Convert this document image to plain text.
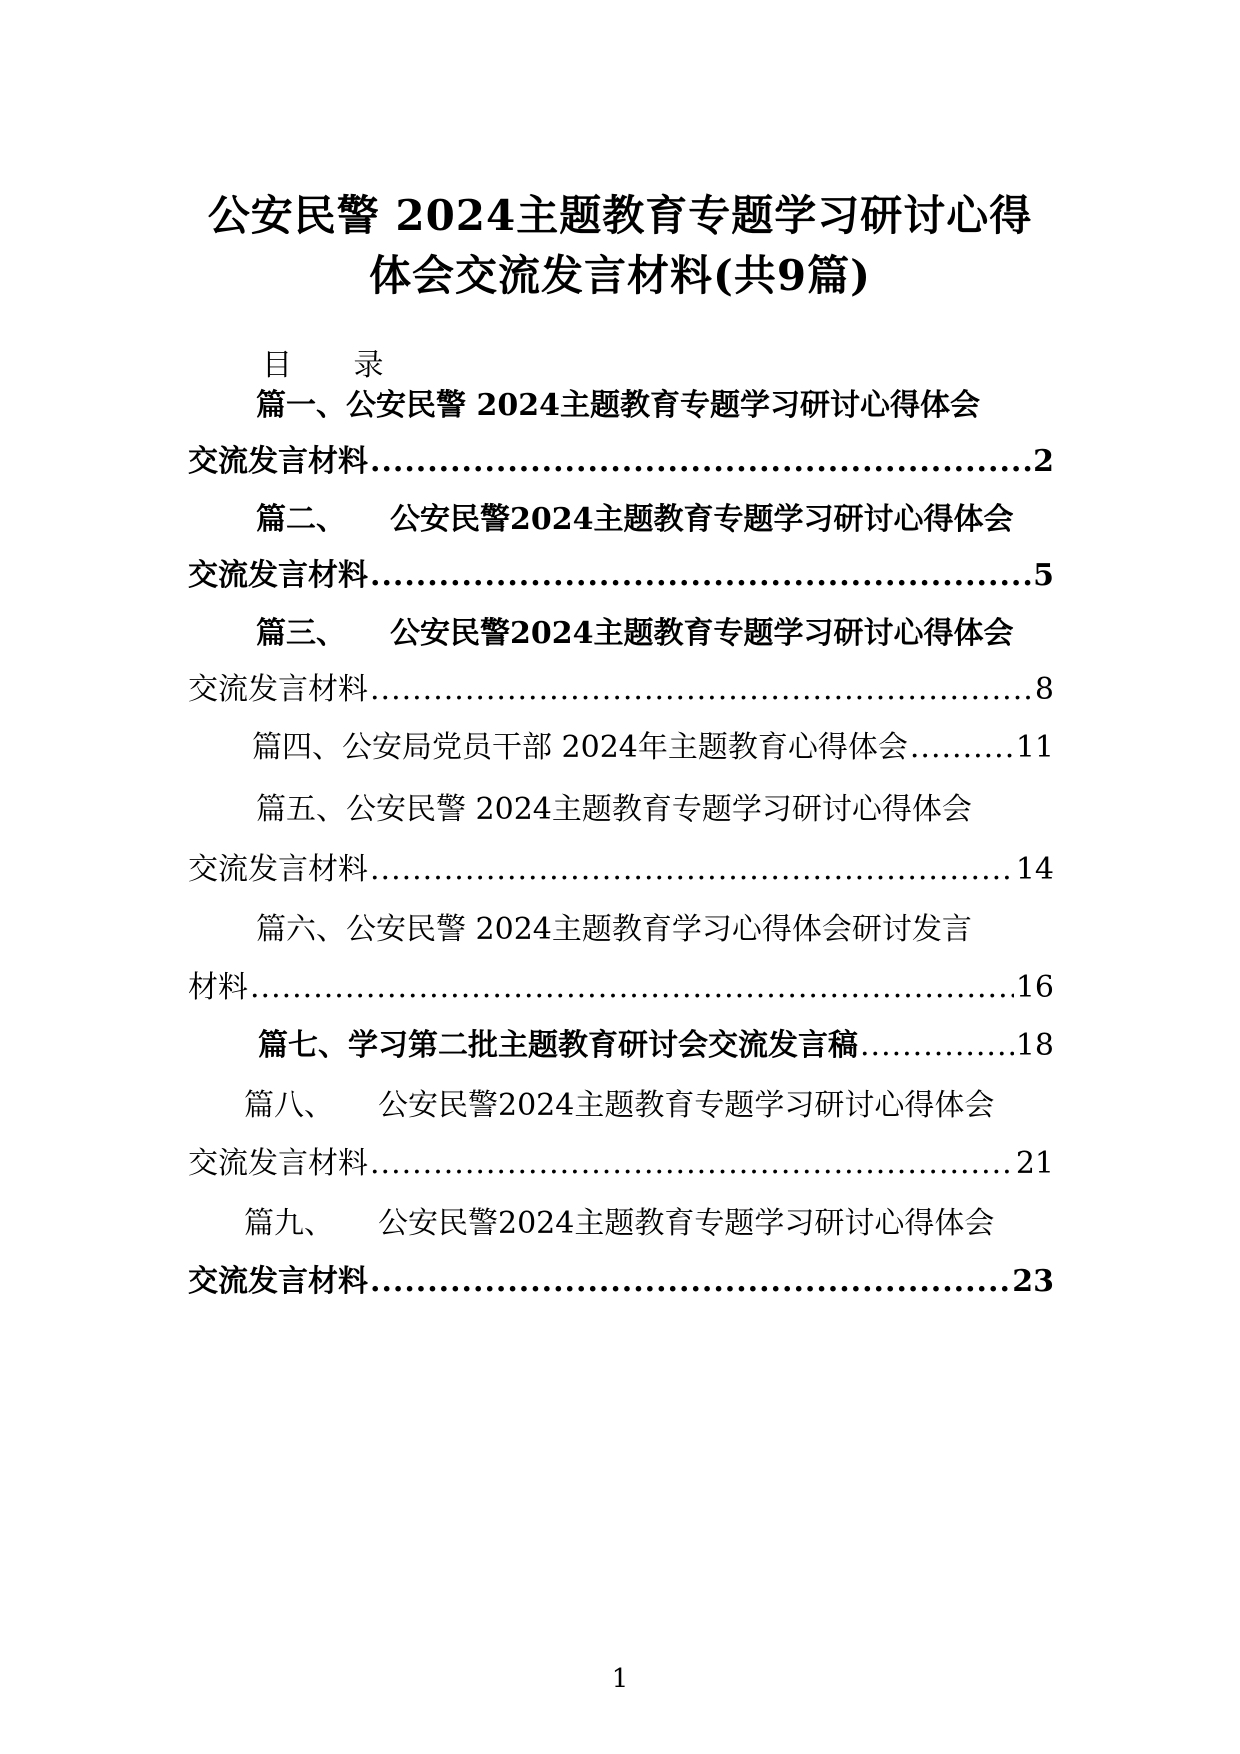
公安民警 2024主题教育专题学习研讨心得
体会交流发言材料(共9篇)
目 录
篇一、公安民警 2024主题教育专题学习研讨心得体会
交流发言材料 .....	2
篇二、 公安民警2024主题教育专题学习研讨心得体会
交流发言材料 .....	5
篇三、 公安民警2024主题教育专题学习研讨心得体会
交流发言材料 .....	8
篇四、公安局党员干部 2024年主题教育心得体会 .....	11
篇五、公安民警 2024主题教育专题学习研讨心得体会
交流发言材料 .....	14
篇六、公安民警 2024主题教育学习心得体会研讨发言
材料 .....	16
篇七、学习第二批主题教育研讨会交流发言稿 .....	18
篇八、 公安民警2024主题教育专题学习研讨心得体会
交流发言材料 .....	21
篇九、 公安民警2024主题教育专题学习研讨心得体会
交流发言材料 .....	23
1
